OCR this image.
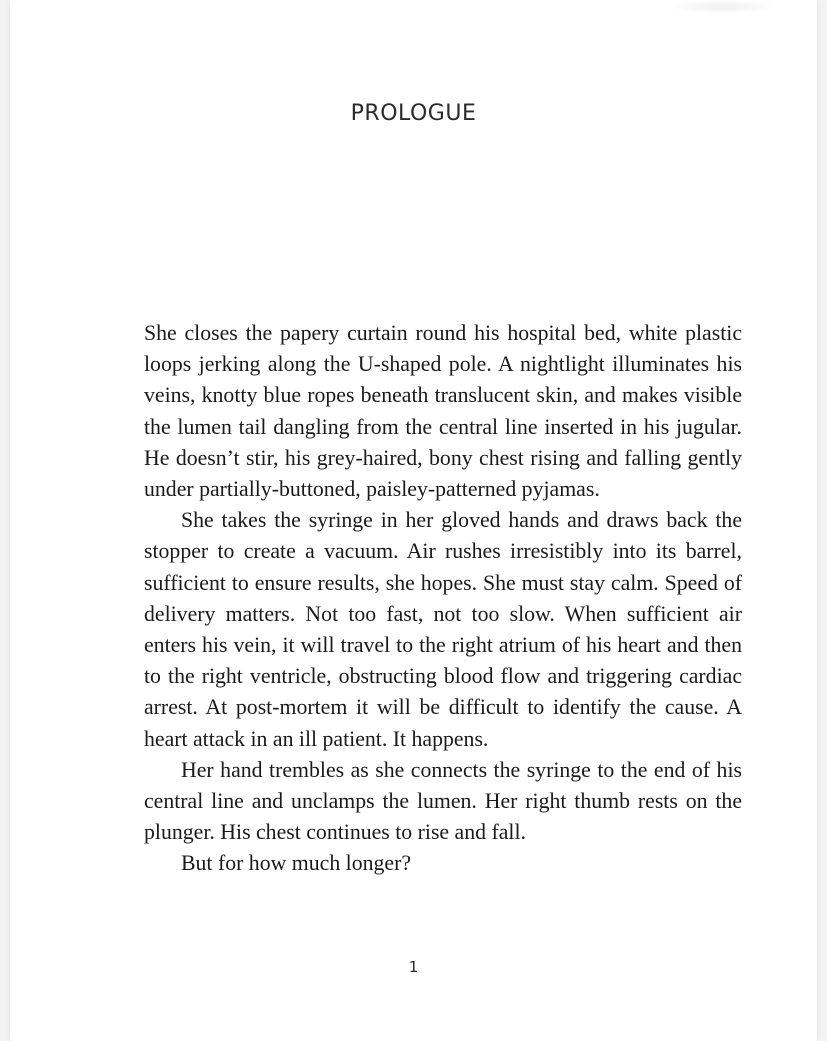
PROLOGUE

She closes the papery curtain round his hospital bed, white plastic loops jerking along the U-shaped pole. A nightlight illuminates his veins, knotty blue ropes beneath translucent skin, and makes visible the lumen tail dangling from the central line inserted in his jugular. He doesn’t stir, his grey-haired, bony chest rising and falling gently under partially-buttoned, paisley-patterned pyjamas.

She takes the syringe in her gloved hands and draws back the stopper to create a vacuum. Air rushes irresistibly into its barrel, sufficient to ensure results, she hopes. She must stay calm. Speed of delivery matters. Not too fast, not too slow. When sufficient air enters his vein, it will travel to the right atrium of his heart and then to the right ventricle, obstructing blood flow and triggering cardiac arrest. At post-mortem it will be difficult to identify the cause. A heart attack in an ill patient. It happens.

Her hand trembles as she connects the syringe to the end of his central line and unclamps the lumen. Her right thumb rests on the plunger. His chest continues to rise and fall.

But for how much longer?

1
